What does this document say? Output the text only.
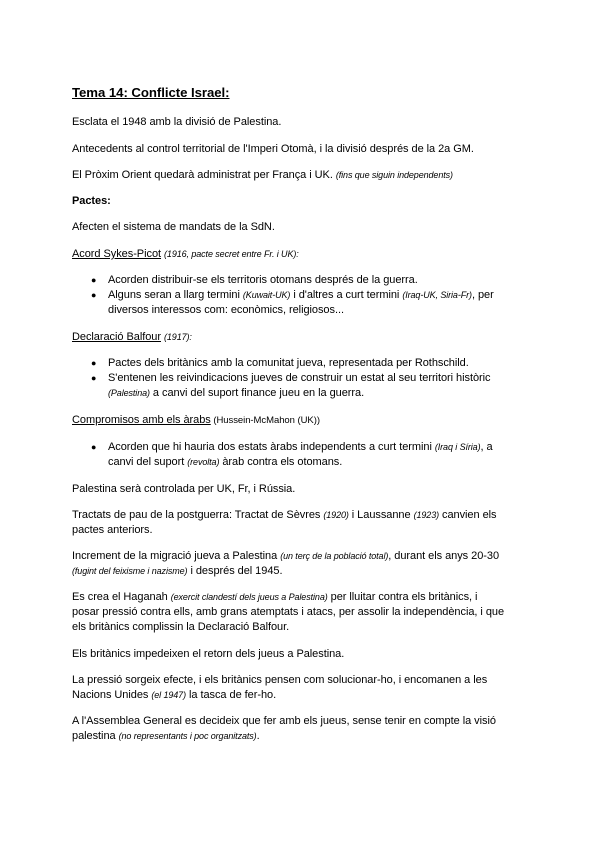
Tema 14: Conflicte Israel:
Esclata el 1948 amb la divisió de Palestina.
Antecedents al control territorial de l'Imperi Otomà, i la divisió després de la 2a GM.
El Pròxim Orient quedarà administrat per França i UK. (fins que siguin independents)
Pactes:
Afecten el sistema de mandats de la SdN.
Acord Sykes-Picot (1916, pacte secret entre Fr. i UK):
● Acorden distribuir-se els territoris otomans després de la guerra.
● Alguns seran a llarg termini (Kuwait-UK) i d'altres a curt termini (Iraq-UK, Siria-Fr), per
diversos interessos com: econòmics, religiosos...
Declaració Balfour (1917):
● Pactes dels britànics amb la comunitat jueva, representada per Rothschild.
● S'entenen les reivindicacions jueves de construir un estat al seu territori històric
(Palestina) a canvi del suport finance jueu en la guerra.
Compromisos amb els àrabs (Hussein-McMahon (UK))
● Acorden que hi hauria dos estats àrabs independents a curt termini (Iraq i Síria), a
canvi del suport (revolta) àrab contra els otomans.
Palestina serà controlada per UK, Fr, i Rússia.
Tractats de pau de la postguerra: Tractat de Sèvres (1920) i Laussanne (1923) canvien els
pactes anteriors.
Increment de la migració jueva a Palestina (un terç de la població total), durant els anys 20-30
(fugint del feixisme i nazisme) i després del 1945.
Es crea el Haganah (exercit clandestí dels jueus a Palestina) per lluitar contra els britànics, i
posar pressió contra ells, amb grans atemptats i atacs, per assolir la independència, i que
els britànics complissin la Declaració Balfour.
Els britànics impedeixen el retorn dels jueus a Palestina.
La pressió sorgeix efecte, i els britànics pensen com solucionar-ho, i encomanen a les
Nacions Unides (el 1947) la tasca de fer-ho.
A l'Assemblea General es decideix que fer amb els jueus, sense tenir en compte la visió
palestina (no representants i poc organitzats).
